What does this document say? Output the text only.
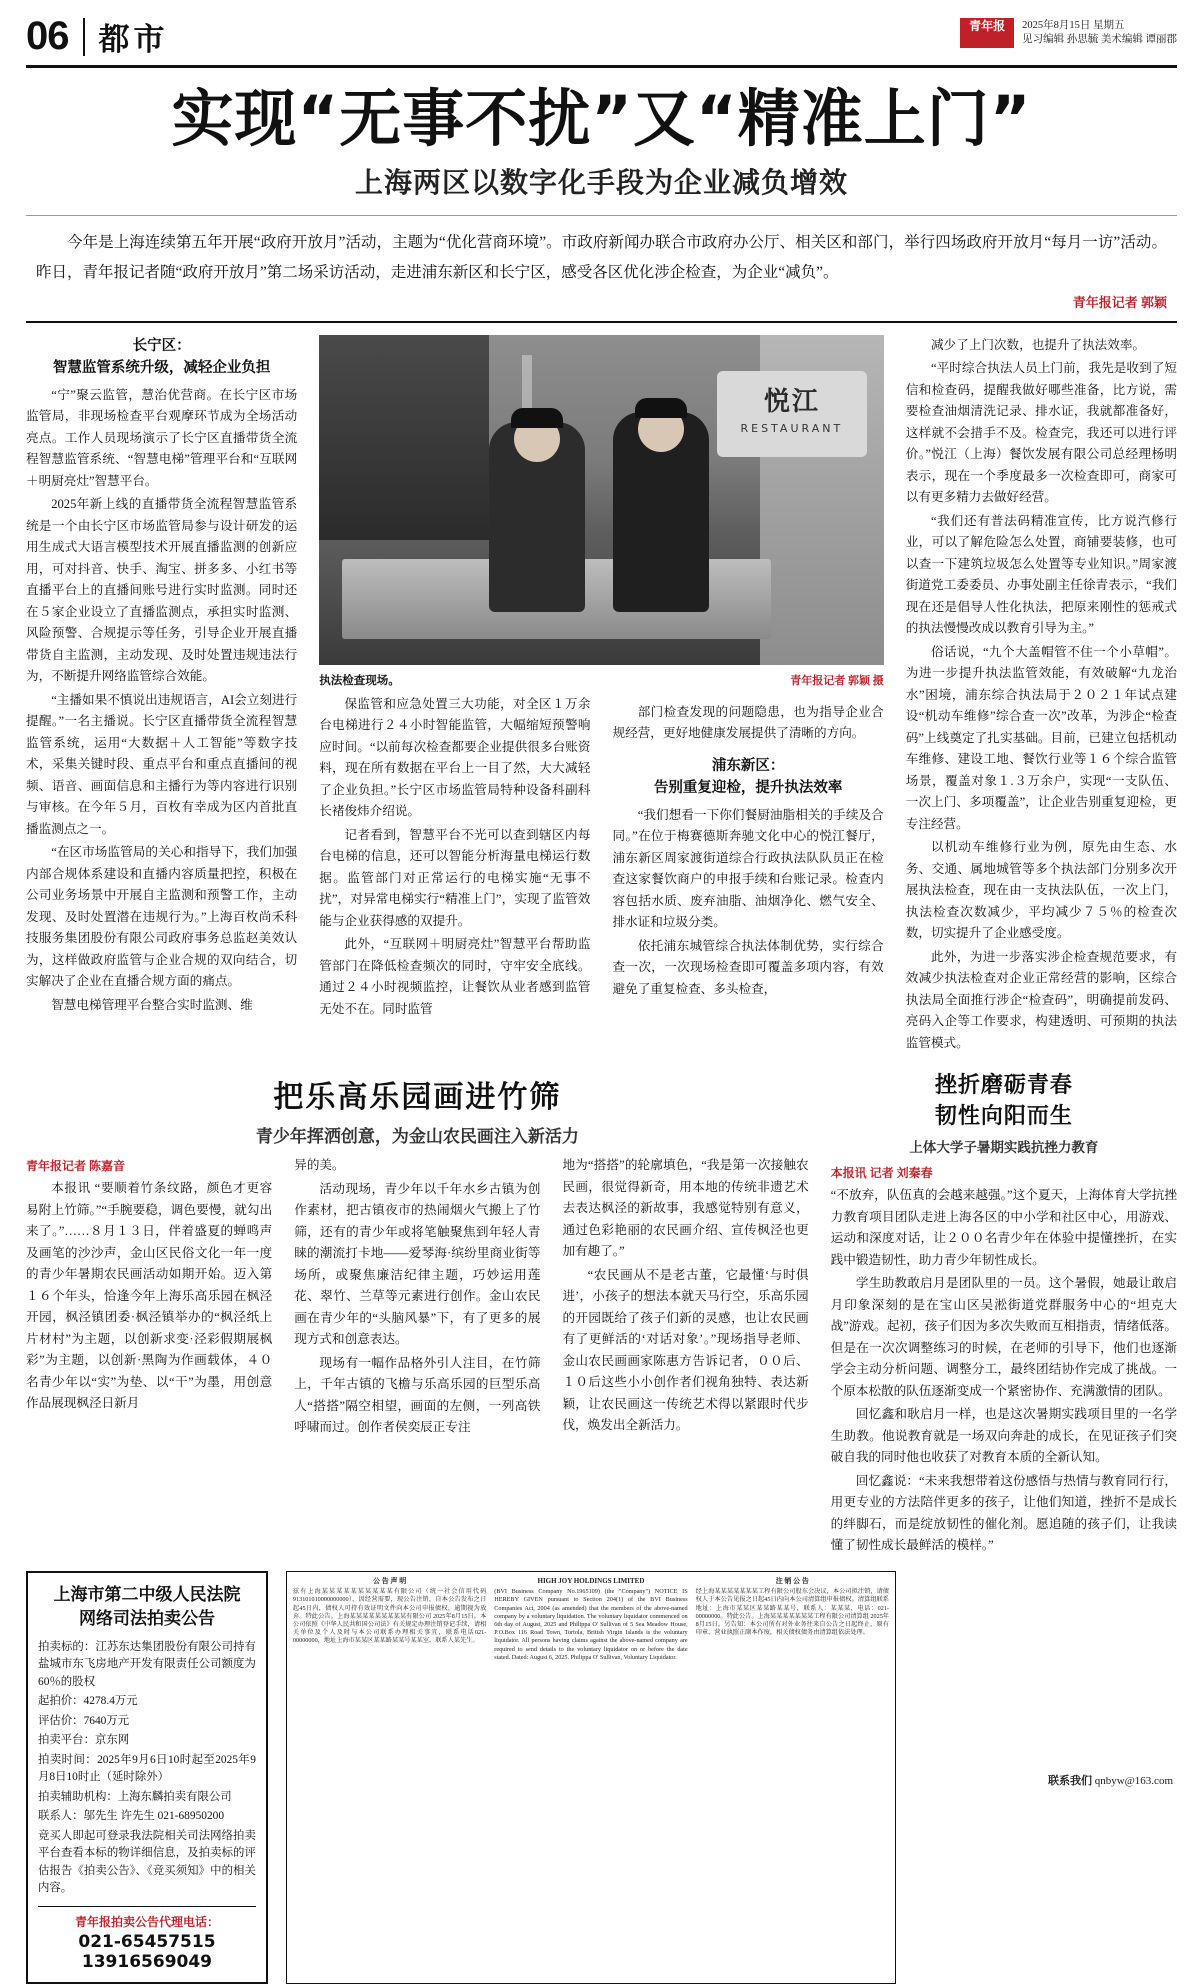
06 都市	青年报	2025年8月15日 星期五
见习编辑 孙思毓 美术编辑 谭丽郡
实现“无事不扰”又“精准上门”
上海两区以数字化手段为企业减负增效
今年是上海连续第五年开展“政府开放月”活动，主题为“优化营商环境”。市政府新闻办联合市政府办公厅、相关区和部门，举行四场政府开放月“每月一访”活动。昨日，青年报记者随“政府开放月”第二场采访活动，走进浦东新区和长宁区，感受各区优化涉企检查，为企业“减负”。
青年报记者 郭颖
长宁区：
智慧监管系统升级，减轻企业负担

“宁”聚云监管，慧治优营商。在长宁区市场监管局，非现场检查平台观摩环节成为全场活动亮点。工作人员现场演示了长宁区直播带货全流程智慧监管系统、“智慧电梯”管理平台和“互联网＋明厨亮灶”智慧平台。

2025年新上线的直播带货全流程智慧监管系统是一个由长宁区市场监管局参与设计研发的运用生成式大语言模型技术开展直播监测的创新应用，可对抖音、快手、淘宝、拼多多、小红书等直播平台上的直播间账号进行实时监测。同时还在５家企业设立了直播监测点，承担实时监测、风险预警、合规提示等任务，引导企业开展直播带货自主监测，主动发现、及时处置违规违法行为，不断提升网络监管综合效能。

“主播如果不慎说出违规语言，AI会立刻进行提醒。”一名主播说。长宁区直播带货全流程智慧监管系统，运用“大数据＋人工智能”等数字技术，采集关键时段、重点平台和重点直播间的视频、语音、画面信息和主播行为等内容进行识别与审核。在今年５月，百枚有幸成为区内首批直播监测点之一。

“在区市场监管局的关心和指导下，我们加强内部合规体系建设和直播内容质量把控，积极在公司业务场景中开展自主监测和预警工作，主动发现、及时处置潜在违规行为。”上海百枚尚禾科技服务集团股份有限公司政府事务总监赵美效认为，这样做政府监管与企业合规的双向结合，切实解决了企业在直播合规方面的痛点。

智慧电梯管理平台整合实时监测、维

悦江
RESTAURANT
执法检查现场。	青年报记者 郭颖 摄

保监管和应急处置三大功能，对全区１万余台电梯进行２４小时智能监管，大幅缩短预警响应时间。“以前每次检查都要企业提供很多台账资料，现在所有数据在平台上一目了然，大大减轻了企业负担。”长宁区市场监管局特种设备科副科长褚俊炜介绍说。

记者看到，智慧平台不光可以查到辖区内每台电梯的信息，还可以智能分析海量电梯运行数据。监管部门对正常运行的电梯实施“无事不扰”，对异常电梯实行“精准上门”，实现了监管效能与企业获得感的双提升。

此外，“互联网＋明厨亮灶”智慧平台帮助监管部门在降低检查频次的同时，守牢安全底线。通过２４小时视频监控，让餐饮从业者感到监管无处不在。同时监管

部门检查发现的问题隐患，也为指导企业合规经营，更好地健康发展提供了清晰的方向。

浦东新区：
告别重复迎检，提升执法效率

“我们想看一下你们餐厨油脂相关的手续及合同。”在位于梅赛德斯奔驰文化中心的悦江餐厅，浦东新区周家渡街道综合行政执法队队员正在检查这家餐饮商户的申报手续和台账记录。检查内容包括水质、废弃油脂、油烟净化、燃气安全、排水证和垃圾分类。

依托浦东城管综合执法体制优势，实行综合查一次，一次现场检查即可覆盖多项内容，有效避免了重复检查、多头检查，

减少了上门次数，也提升了执法效率。

“平时综合执法人员上门前，我先是收到了短信和检查码，提醒我做好哪些准备，比方说，需要检查油烟清洗记录、排水证，我就都准备好，这样就不会措手不及。检查完，我还可以进行评价。”悦江（上海）餐饮发展有限公司总经理杨明表示，现在一个季度最多一次检查即可，商家可以有更多精力去做好经营。

“我们还有普法码精准宣传，比方说汽修行业，可以了解危险怎么处置，商铺要装修，也可以查一下建筑垃圾怎么处置等专业知识。”周家渡街道党工委委员、办事处副主任徐青表示，“我们现在还是倡导人性化执法，把原来刚性的惩戒式的执法慢慢改成以教育引导为主。”

俗话说，“九个大盖帽管不住一个小草帽”。为进一步提升执法监管效能，有效破解“九龙治水”困境，浦东综合执法局于２０２１年试点建设“机动车维修”综合查一次”改革，为涉企“检查码”上线奠定了扎实基础。目前，已建立包括机动车维修、建设工地、餐饮行业等１６个综合监管场景，覆盖对象１.３万余户，实现“一支队伍、一次上门、多项覆盖”，让企业告别重复迎检，更专注经营。

以机动车维修行业为例，原先由生态、水务、交通、属地城管等多个执法部门分别多次开展执法检查，现在由一支执法队伍，一次上门，执法检查次数减少，平均减少７５％的检查次数，切实提升了企业感受度。

此外，为进一步落实涉企检查规范要求，有效减少执法检查对企业正常经营的影响，区综合执法局全面推行涉企“检查码”，明确提前发码、亮码入企等工作要求，构建透明、可预期的执法监管模式。

把乐高乐园画进竹筛
青少年挥洒创意，为金山农民画注入新活力
青年报记者 陈嘉音

本报讯 “要顺着竹条纹路，颜色才更容易附上竹筛。”“手腕要稳，调色要慢，就勾出来了。”……８月１３日，伴着盛夏的蝉鸣声及画笔的沙沙声，金山区民俗文化一年一度的青少年暑期农民画活动如期开始。迈入第１６个年头，恰逢今年上海乐高乐园在枫泾开园，枫泾镇团委·枫泾镇举办的“枫泾纸上片材村”为主题，以创新求变·泾彩假期展枫彩”为主题，以创新·黑陶为作画载体，４０名青少年以“实”为垫、以“干”为墨，用创意作品展现枫泾日新月

异的美。

活动现场，青少年以千年水乡古镇为创作素材，把古镇夜市的热闹烟火气搬上了竹筛，还有的青少年或将笔触聚焦到年轻人青睐的潮流打卡地——爱琴海·缤纷里商业街等场所，或聚焦廉洁纪律主题，巧妙运用莲花、翠竹、兰草等元素进行创作。金山农民画在青少年的“头脑风暴”下，有了更多的展现方式和创意表达。

现场有一幅作品格外引人注目，在竹筛上，千年古镇的飞檐与乐高乐园的巨型乐高人“搭搭”隔空相望，画面的左侧，一列高铁呼啸而过。创作者侯奕辰正专注

地为“搭搭”的轮廓填色，“我是第一次接触农民画，很觉得新奇，用本地的传统非遗艺术去表达枫泾的新故事，我感觉特别有意义，通过色彩艳丽的农民画介绍、宣传枫泾也更加有趣了。”

“农民画从不是老古董，它最懂‘与时俱进’，小孩子的想法本就天马行空，乐高乐园的开园既给了孩子们新的灵感，也让农民画有了更鲜活的‘对话对象’。”现场指导老师、金山农民画画家陈惠方告诉记者，００后、１０后这些小小创作者们视角独特、表达新颖，让农民画这一传统艺术得以紧跟时代步伐，焕发出全新活力。

挫折磨砺青春
韧性向阳而生
上体大学子暑期实践抗挫力教育
本报讯 记者 刘秦春

“不放弃，队伍真的会越来越强。”这个夏天，上海体育大学抗挫力教育项目团队走进上海各区的中小学和社区中心，用游戏、运动和深度对话，让２００名青少年在体验中提懂挫折，在实践中锻造韧性，助力青少年韧性成长。

学生助教敢启月是团队里的一员。这个暑假，她最让敢启月印象深刻的是在宝山区吴淞街道党群服务中心的“坦克大战”游戏。起初，孩子们因为多次失败而互相指责，情绪低落。但是在一次次调整练习的时候，在老师的引导下，他们也逐渐学会主动分析问题、调整分工，最终团结协作完成了挑战。一个原本松散的队伍逐渐变成一个紧密协作、充满激情的团队。

回忆鑫和耿启月一样，也是这次暑期实践项目里的一名学生助教。他说教育就是一场双向奔赴的成长，在见证孩子们突破自我的同时他也收获了对教育本质的全新认知。

回忆鑫说：“未来我想带着这份感悟与热情与教育同行行，用更专业的方法陪伴更多的孩子，让他们知道，挫折不是成长的绊脚石，而是绽放韧性的催化剂。愿追随的孩子们，让我读懂了韧性成长最鲜活的模样。”

上海市第二中级人民法院
网络司法拍卖公告

拍卖标的：江苏东达集团股份有限公司持有盐城市东飞房地产开发有限责任公司额度为60％的股权

起拍价：4278.4万元

评估价：7640万元

拍卖平台：京东网

拍卖时间：2025年9月6日10时起至2025年9月8日10时止（延时除外）

拍卖辅助机构：上海东麟拍卖有限公司

联系人：邬先生 许先生 021-68950200

竞买人即起可登录我法院相关司法网络拍卖平台查看本标的物详细信息，及拍卖标的评估报告《拍卖公告》、《竞买须知》中的相关内容。

青年报拍卖公告代理电话：
021-65457515 13916569049
公 告 声 明
兹有上海某某某某某某某某某某有限公司（统一社会信用代码913101010000000000），因经营需要，现公告注销，自本公告发布之日起45日内，债权人可持有效证明文件向本公司申报债权，逾期视为放弃。特此公告。上海某某某某某某某某某有限公司 2025年8月15日。本公司依照《中华人民共和国公司法》有关规定办理注销登记手续，请相关单位及个人及时与本公司联系办理相关事宜，联系电话021-00000000，地址上海市某某区某某路某某号某某室，联系人某先生。
HIGH JOY HOLDINGS LIMITED
(BVI Business Company No.1965109) (the "Company") NOTICE IS HEREBY GIVEN pursuant to Section 204(1) of the BVI Business Companies Act, 2004 (as amended) that the members of the above-named company by a voluntary liquidation. The voluntary liquidator commenced on 6th day of August, 2025 and Philippa O' Sullivan of 5 Sea Meadow House, P.O.Box 116 Road Town, Tortola, British Virgin Islands is the voluntary liquidator. All persons having claims against the above-named company are required to send details to the voluntary liquidator on or before the date stated. Dated: August 6, 2025. Philippa O' Sullivan, Voluntary Liquidator.
注 销 公 告
经上海某某某某某某某工程有限公司股东会决议，本公司拟注销，请债权人于本公告见报之日起45日内向本公司清算组申报债权。清算组联系地址：上海市某某区某某路某某号，联系人：某某某，电话：021-00000000。特此公告。上海某某某某某某某工程有限公司清算组 2025年8月15日。另告知：本公司所有对外业务往来自公告之日起终止，原有印章、营业执照正副本作废，相关债权债务由清算组依法处理。
联系我们 qnbyw@163.com
